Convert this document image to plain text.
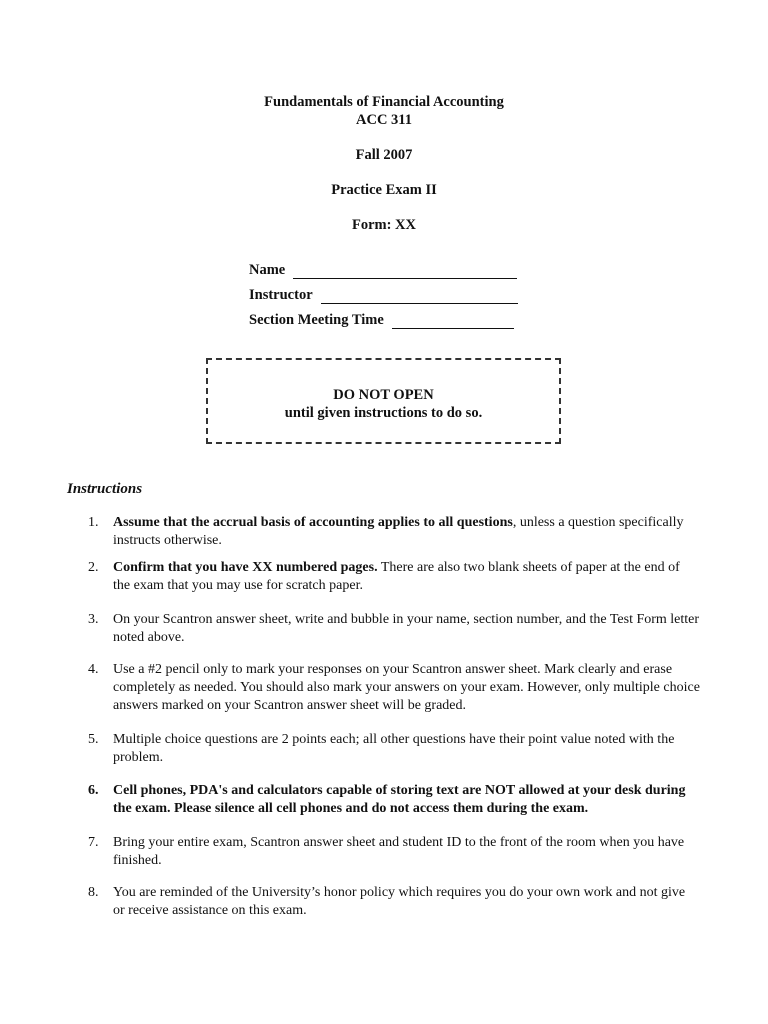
Fundamentals of Financial Accounting
ACC 311
Fall 2007
Practice Exam II
Form: XX
Name
Instructor
Section Meeting Time
DO NOT OPEN
until given instructions to do so.
Instructions
1.	Assume that the accrual basis of accounting applies to all questions, unless a question specifically instructs otherwise.
2.	Confirm that you have XX numbered pages. There are also two blank sheets of paper at the end of the exam that you may use for scratch paper.
3.	On your Scantron answer sheet, write and bubble in your name, section number, and the Test Form letter noted above.
4.	Use a #2 pencil only to mark your responses on your Scantron answer sheet. Mark clearly and erase completely as needed. You should also mark your answers on your exam. However, only multiple choice answers marked on your Scantron answer sheet will be graded.
5.	Multiple choice questions are 2 points each; all other questions have their point value noted with the problem.
6.	Cell phones, PDA's and calculators capable of storing text are NOT allowed at your desk during the exam. Please silence all cell phones and do not access them during the exam.
7.	Bring your entire exam, Scantron answer sheet and student ID to the front of the room when you have finished.
8.	You are reminded of the University’s honor policy which requires you do your own work and not give or receive assistance on this exam.
